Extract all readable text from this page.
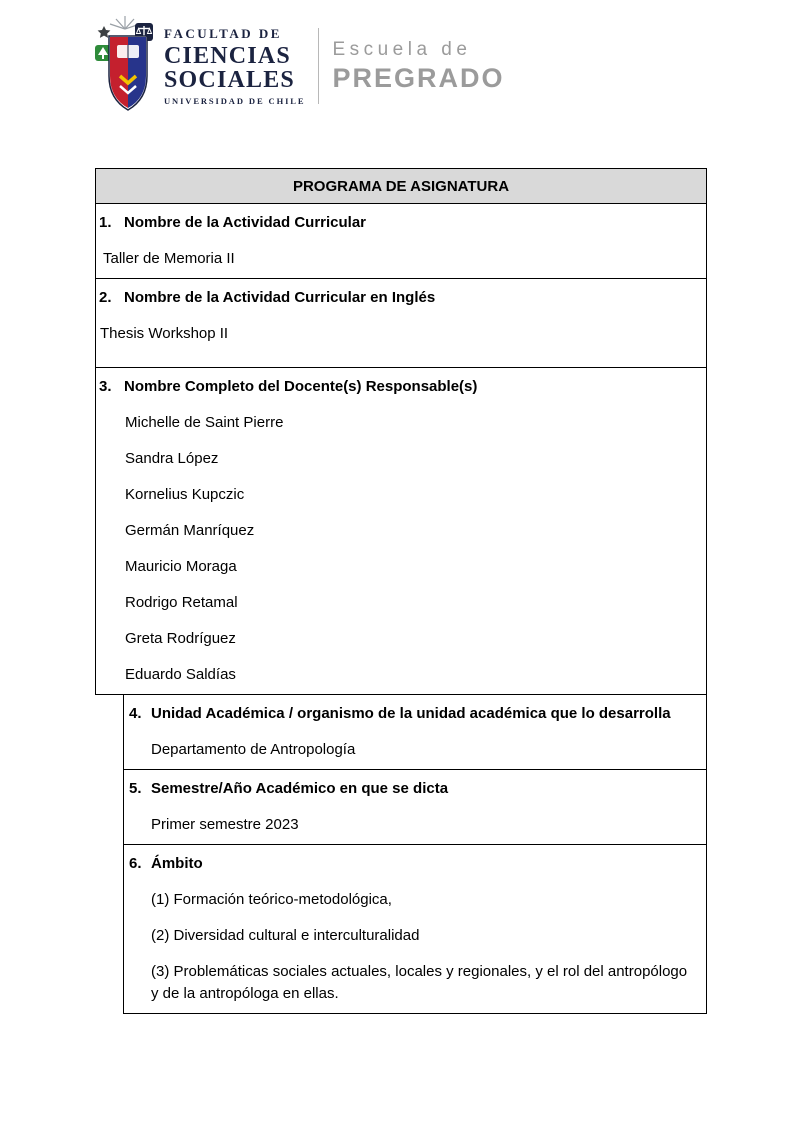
FACULTAD DE
CIENCIAS
SOCIALES
UNIVERSIDAD DE CHILE
Escuela de
PREGRADO
PROGRAMA DE ASIGNATURA
1. Nombre de la Actividad Curricular
Taller de Memoria II
2. Nombre de la Actividad Curricular en Inglés
Thesis Workshop II
3. Nombre Completo del Docente(s) Responsable(s)
Michelle de Saint Pierre
Sandra López
Kornelius Kupczic
Germán Manríquez
Mauricio Moraga
Rodrigo Retamal
Greta Rodríguez
Eduardo Saldías
4. Unidad Académica / organismo de la unidad académica que lo desarrolla
Departamento de Antropología
5. Semestre/Año Académico en que se dicta
Primer semestre 2023
6. Ámbito
(1) Formación teórico-metodológica,
(2) Diversidad cultural e interculturalidad
(3) Problemáticas sociales actuales, locales y regionales, y el rol del antropólogo y de la antropóloga en ellas.
